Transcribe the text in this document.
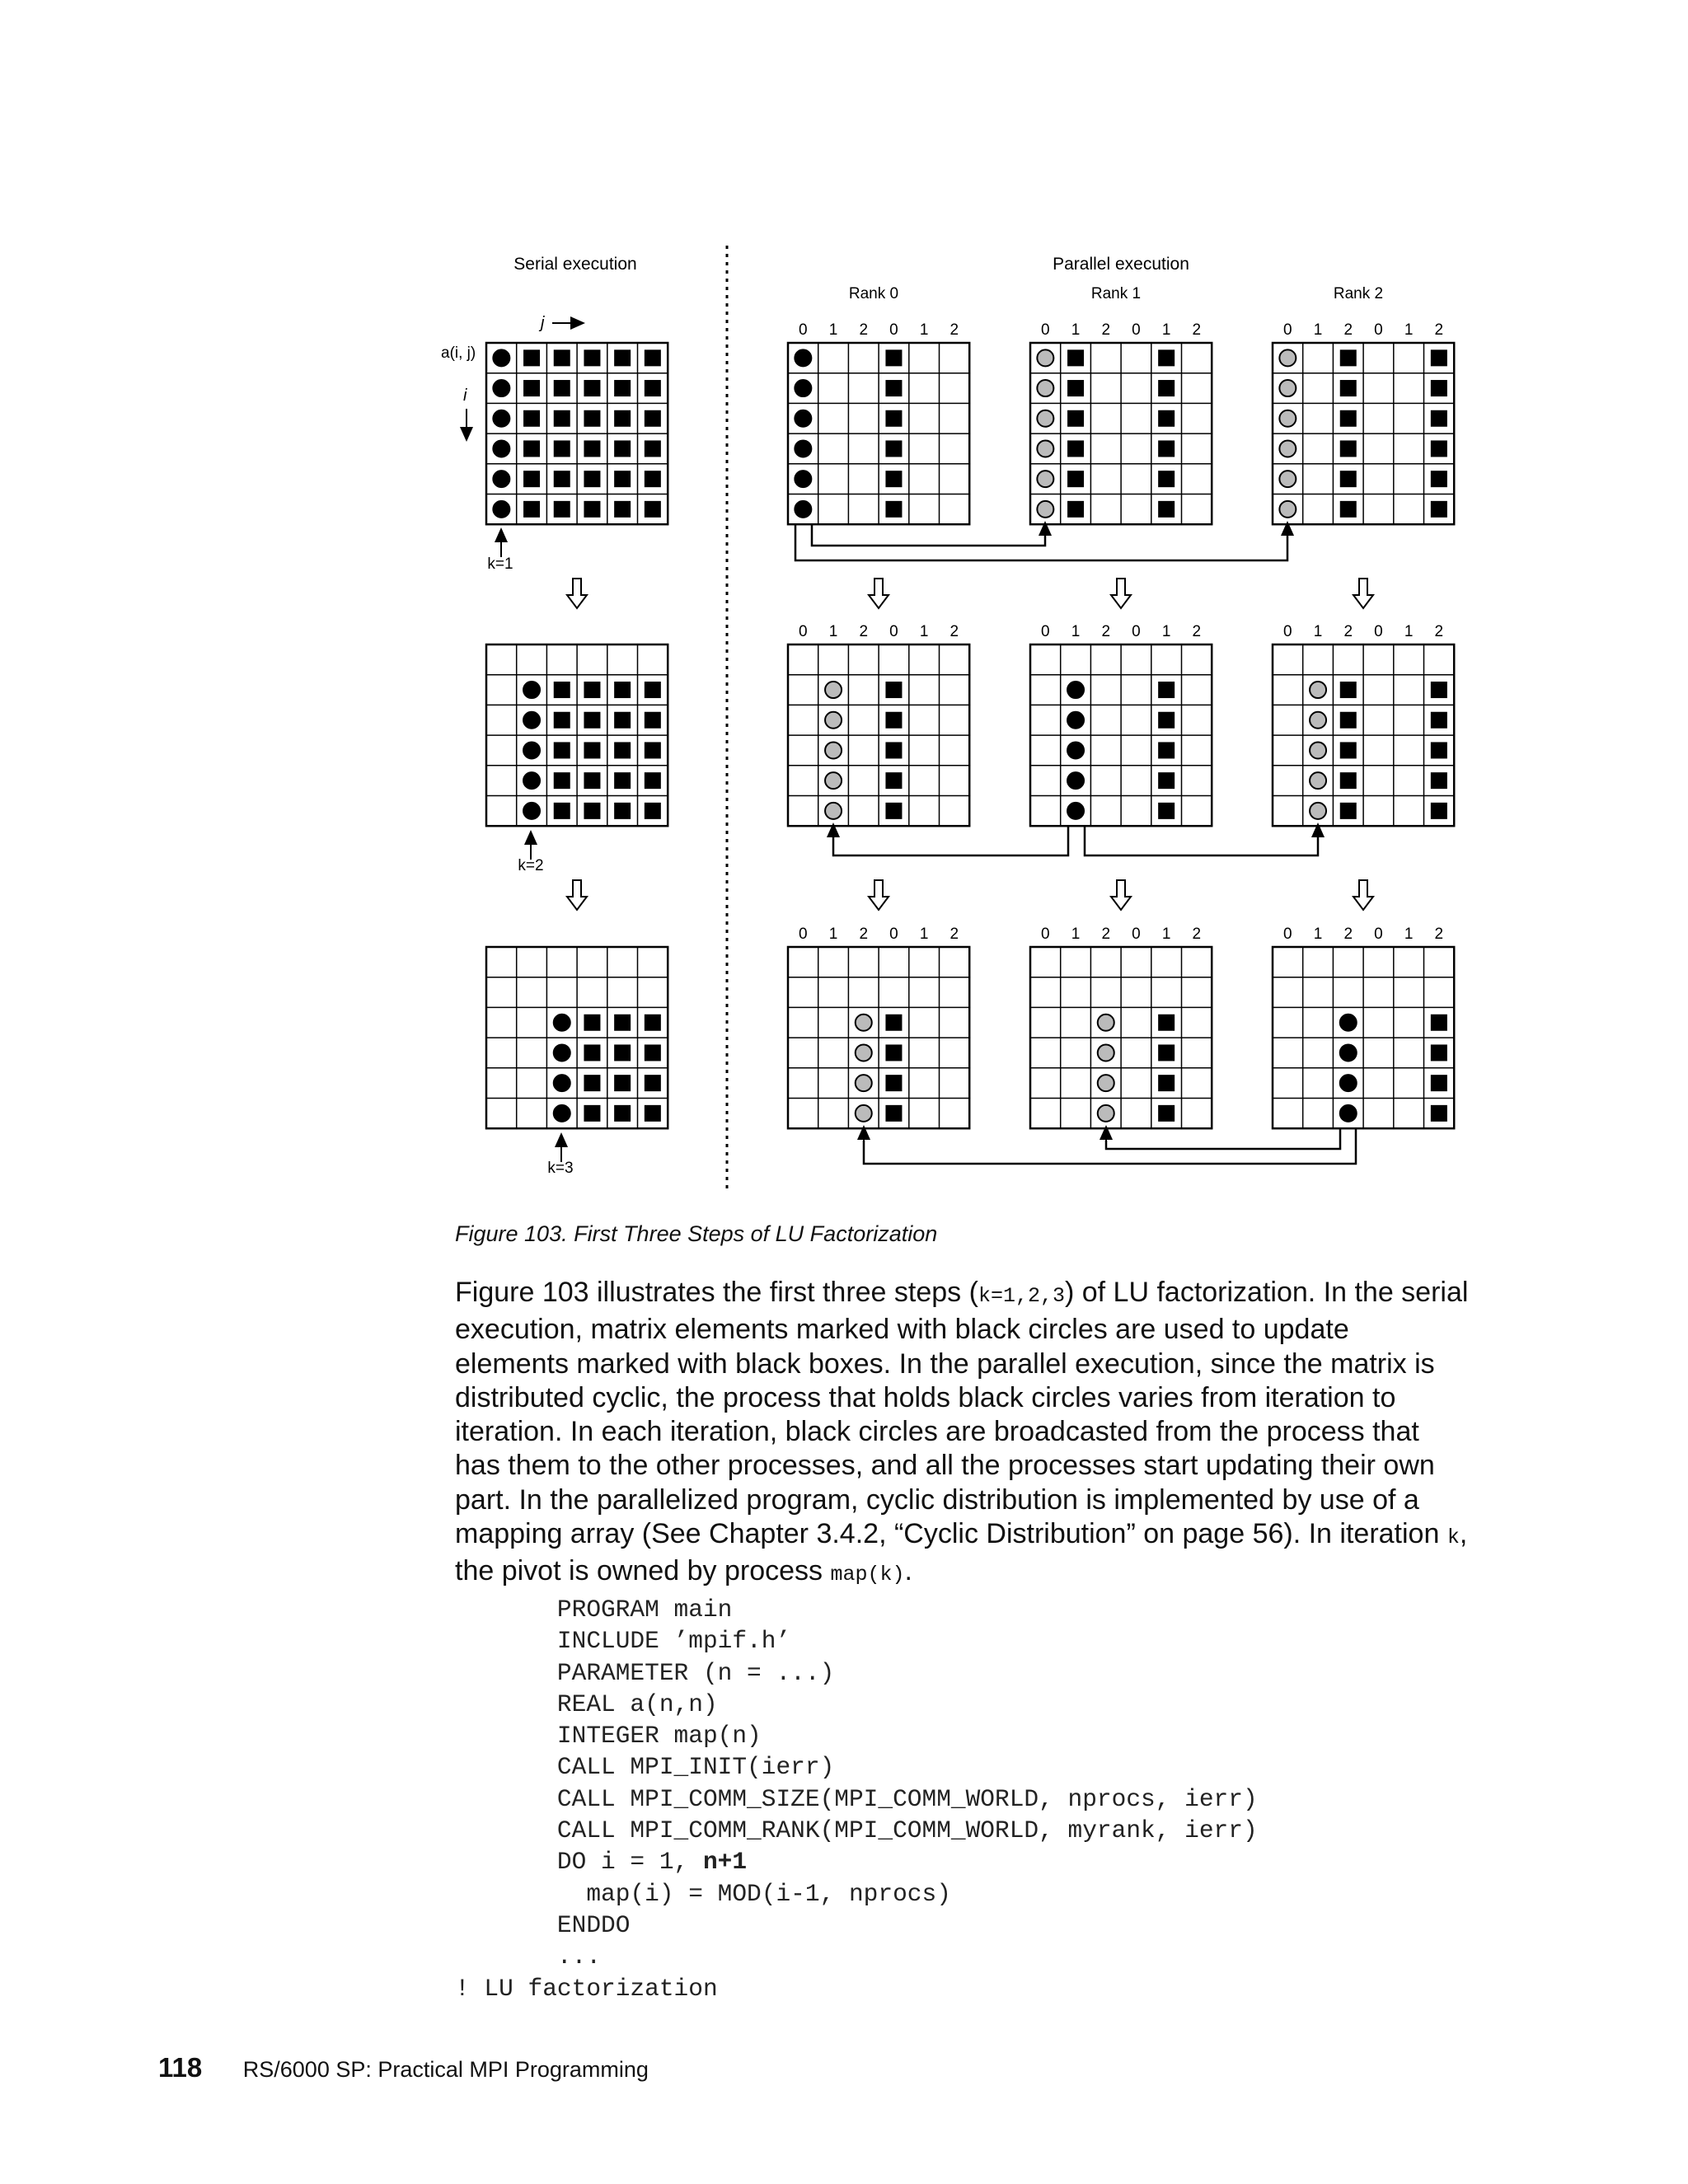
Serial execution	Parallel execution
Rank 0	Rank 1	Rank 2
j
a(i, j)
i
k=1
k=2
k=3
0 1 2 0 1 2	0 1 2 0 1 2	0 1 2 0 1 2
0 1 2 0 1 2	0 1 2 0 1 2	0 1 2 0 1 2
0 1 2 0 1 2	0 1 2 0 1 2	0 1 2 0 1 2
Figure 103. First Three Steps of LU Factorization

Figure 103 illustrates the first three steps (k=1,2,3) of LU factorization. In the serial execution, matrix elements marked with black circles are used to update elements marked with black boxes. In the parallel execution, since the matrix is distributed cyclic, the process that holds black circles varies from iteration to iteration. In each iteration, black circles are broadcasted from the process that has them to the other processes, and all the processes start updating their own part. In the parallelized program, cyclic distribution is implemented by use of a mapping array (See Chapter 3.4.2, “Cyclic Distribution” on page 56). In iteration k, the pivot is owned by process map(k).

PROGRAM main
INCLUDE ’mpif.h’
PARAMETER (n = ...)
REAL a(n,n)
INTEGER map(n)
CALL MPI_INIT(ierr)
CALL MPI_COMM_SIZE(MPI_COMM_WORLD, nprocs, ierr)
CALL MPI_COMM_RANK(MPI_COMM_WORLD, myrank, ierr)
DO i = 1, n+1
map(i) = MOD(i-1, nprocs)
ENDDO
...
! LU factorization
118 RS/6000 SP: Practical MPI Programming
